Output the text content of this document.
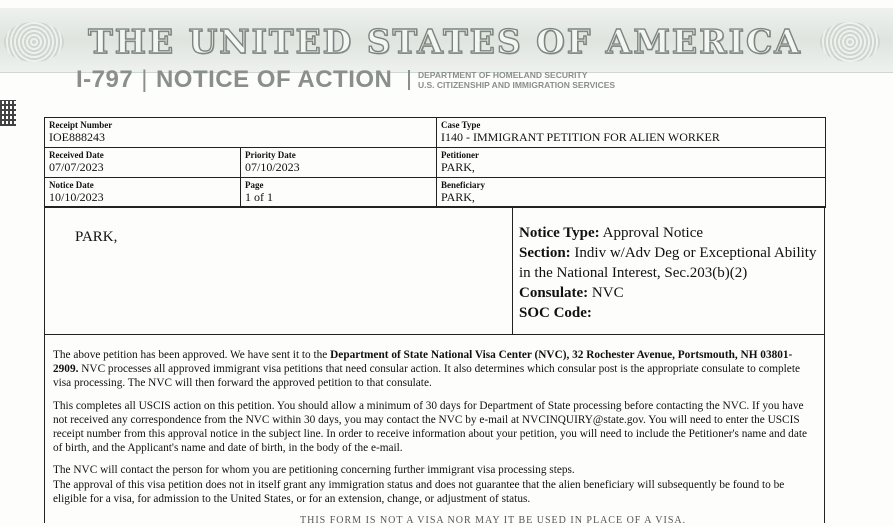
THE UNITED STATES OF AMERICA
I-797 | NOTICE OF ACTION	DEPARTMENT OF HOMELAND SECURITY
U.S. CITIZENSHIP AND IMMIGRATION SERVICES
Receipt Number
IOE888243
Case Type
I140 - IMMIGRANT PETITION FOR ALIEN WORKER
Received Date
07/07/2023
Priority Date
07/10/2023
Petitioner
PARK,
Notice Date
10/10/2023
Page
1 of 1
Beneficiary
PARK,
PARK,	Notice Type: Approval Notice
Section: Indiv w/Adv Deg or Exceptional Ability in the National Interest, Sec.203(b)(2)
Consulate: NVC
SOC Code:

The above petition has been approved. We have sent it to the Department of State National Visa Center (NVC), 32 Rochester Avenue, Portsmouth, NH 03801-2909. NVC processes all approved immigrant visa petitions that need consular action. It also determines which consular post is the appropriate consulate to complete visa processing. The NVC will then forward the approved petition to that consulate.

This completes all USCIS action on this petition. You should allow a minimum of 30 days for Department of State processing before contacting the NVC. If you have not received any correspondence from the NVC within 30 days, you may contact the NVC by e-mail at NVCINQUIRY@state.gov. You will need to enter the USCIS receipt number from this approval notice in the subject line. In order to receive information about your petition, you will need to include the Petitioner's name and date of birth, and the Applicant's name and date of birth, in the body of the e-mail.

The NVC will contact the person for whom you are petitioning concerning further immigrant visa processing steps.

The approval of this visa petition does not in itself grant any immigration status and does not guarantee that the alien beneficiary will subsequently be found to be eligible for a visa, for admission to the United States, or for an extension, change, or adjustment of status.

THIS FORM IS NOT A VISA NOR MAY IT BE USED IN PLACE OF A VISA.
